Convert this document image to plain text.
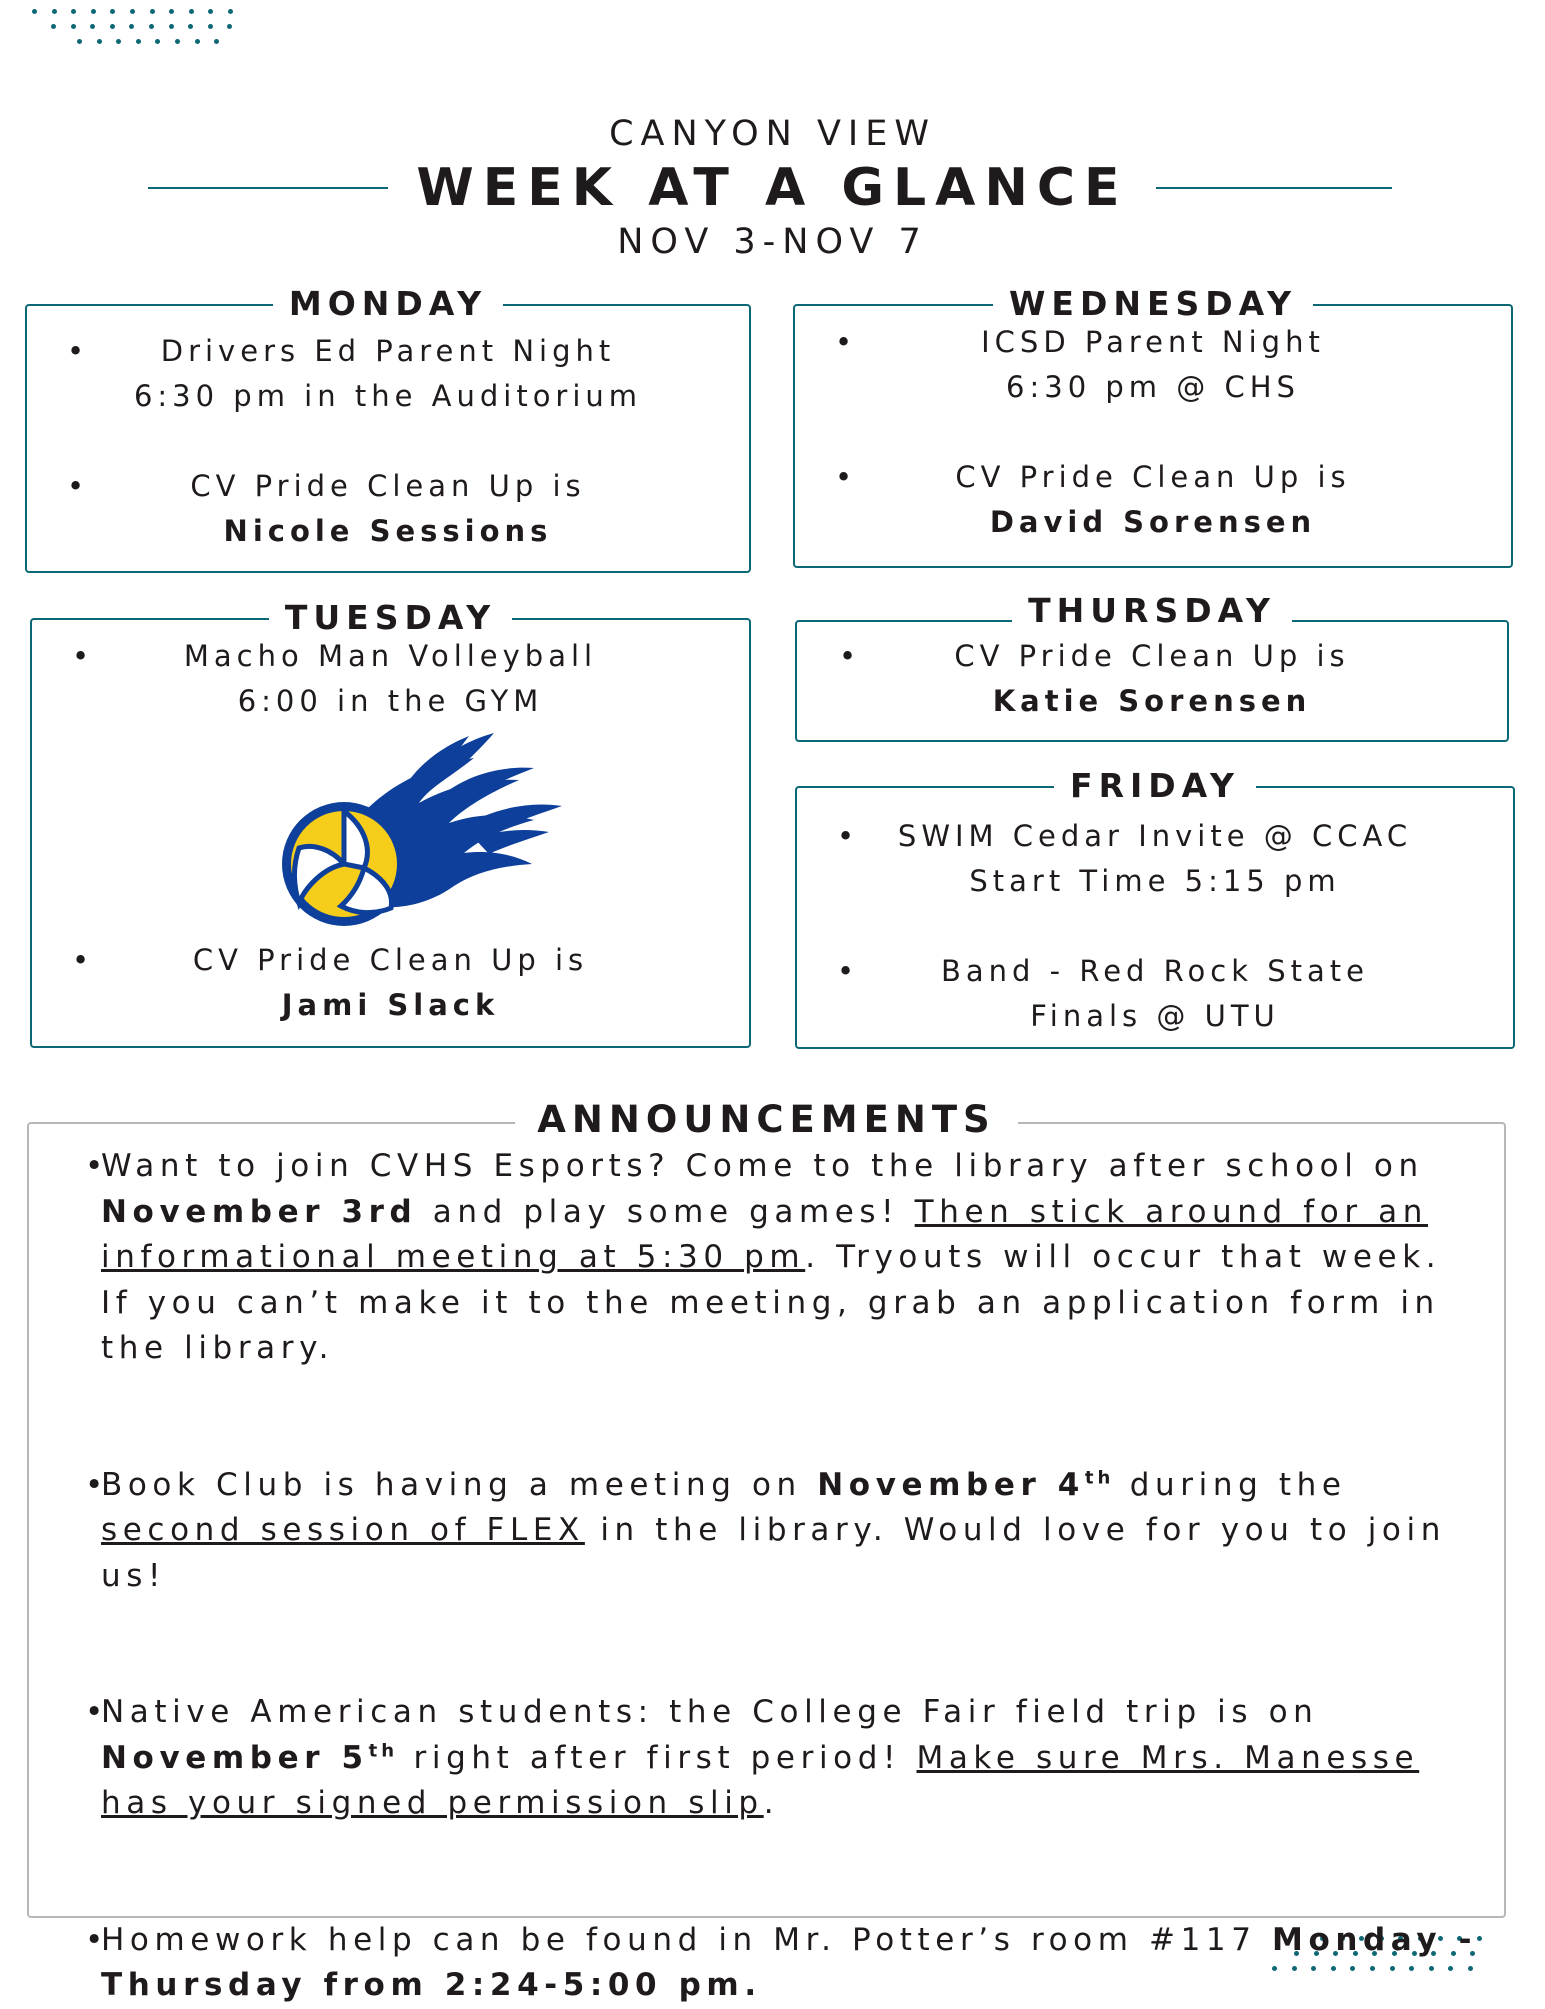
CANYON VIEW
WEEK AT A GLANCE
NOV 3-NOV 7
MONDAY
•	Drivers Ed Parent Night
6:30 pm in the Auditorium
•	CV Pride Clean Up is
Nicole Sessions
WEDNESDAY
•	ICSD Parent Night
6:30 pm @ CHS
•	CV Pride Clean Up is
David Sorensen
TUESDAY
•	Macho Man Volleyball
6:00 in the GYM
•	CV Pride Clean Up is
Jami Slack
THURSDAY
•	CV Pride Clean Up is
Katie Sorensen
FRIDAY
•	SWIM Cedar Invite @ CCAC
Start Time 5:15 pm
•	Band - Red Rock State
Finals @ UTU
ANNOUNCEMENTS
•
Want to join CVHS Esports? Come to the library after school on November 3rd and play some games! Then stick around for an informational meeting at 5:30 pm. Tryouts will occur that week. If you can’t make it to the meeting, grab an application form in the library.
•
Book Club is having a meeting on November 4th during the second session of FLEX in the library. Would love for you to join us!
•
Native American students: the College Fair field trip is on November 5th right after first period! Make sure Mrs. Manesse has your signed permission slip.
•
Homework help can be found in Mr. Potter’s room #117 Monday - Thursday from 2:24-5:00 pm.
